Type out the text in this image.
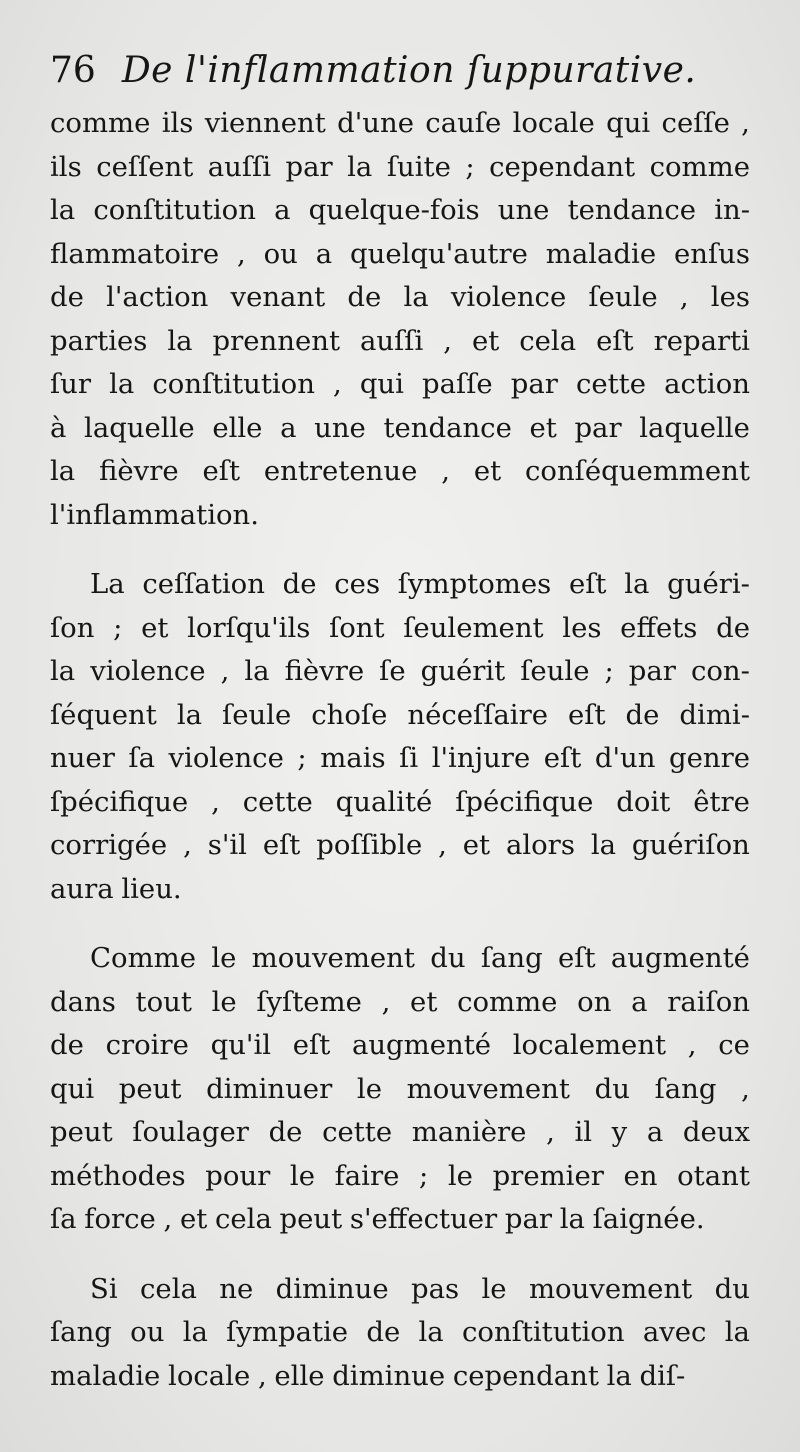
76 De l'inflammation ſuppurative.
comme ils viennent d'une cauſe locale qui ceſſe ,
ils ceſſent auſſi par la ſuite ; cependant comme
la conſtitution a quelque-fois une tendance in-
flammatoire , ou a quelqu'autre maladie enſus
de l'action venant de la violence ſeule , les
parties la prennent auſſi , et cela eſt reparti
ſur la conſtitution , qui paſſe par cette action
à laquelle elle a une tendance et par laquelle
la fièvre eſt entretenue , et conſéquemment
l'inflammation.
La ceſſation de ces ſymptomes eſt la guéri-
ſon ; et lorſqu'ils ſont ſeulement les effets de
la violence , la fièvre ſe guérit ſeule ; par con-
ſéquent la ſeule choſe néceſſaire eſt de dimi-
nuer ſa violence ; mais ſi l'injure eſt d'un genre
ſpécifique , cette qualité ſpécifique doit être
corrigée , s'il eſt poſſible , et alors la guériſon
aura lieu.
Comme le mouvement du ſang eſt augmenté
dans tout le ſyſteme , et comme on a raiſon
de croire qu'il eſt augmenté localement , ce
qui peut diminuer le mouvement du ſang ,
peut ſoulager de cette manière , il y a deux
méthodes pour le faire ; le premier en otant
ſa force , et cela peut s'effectuer par la ſaignée.
Si cela ne diminue pas le mouvement du
ſang ou la ſympatie de la conſtitution avec la
maladie locale , elle diminue cependant la diſ-
